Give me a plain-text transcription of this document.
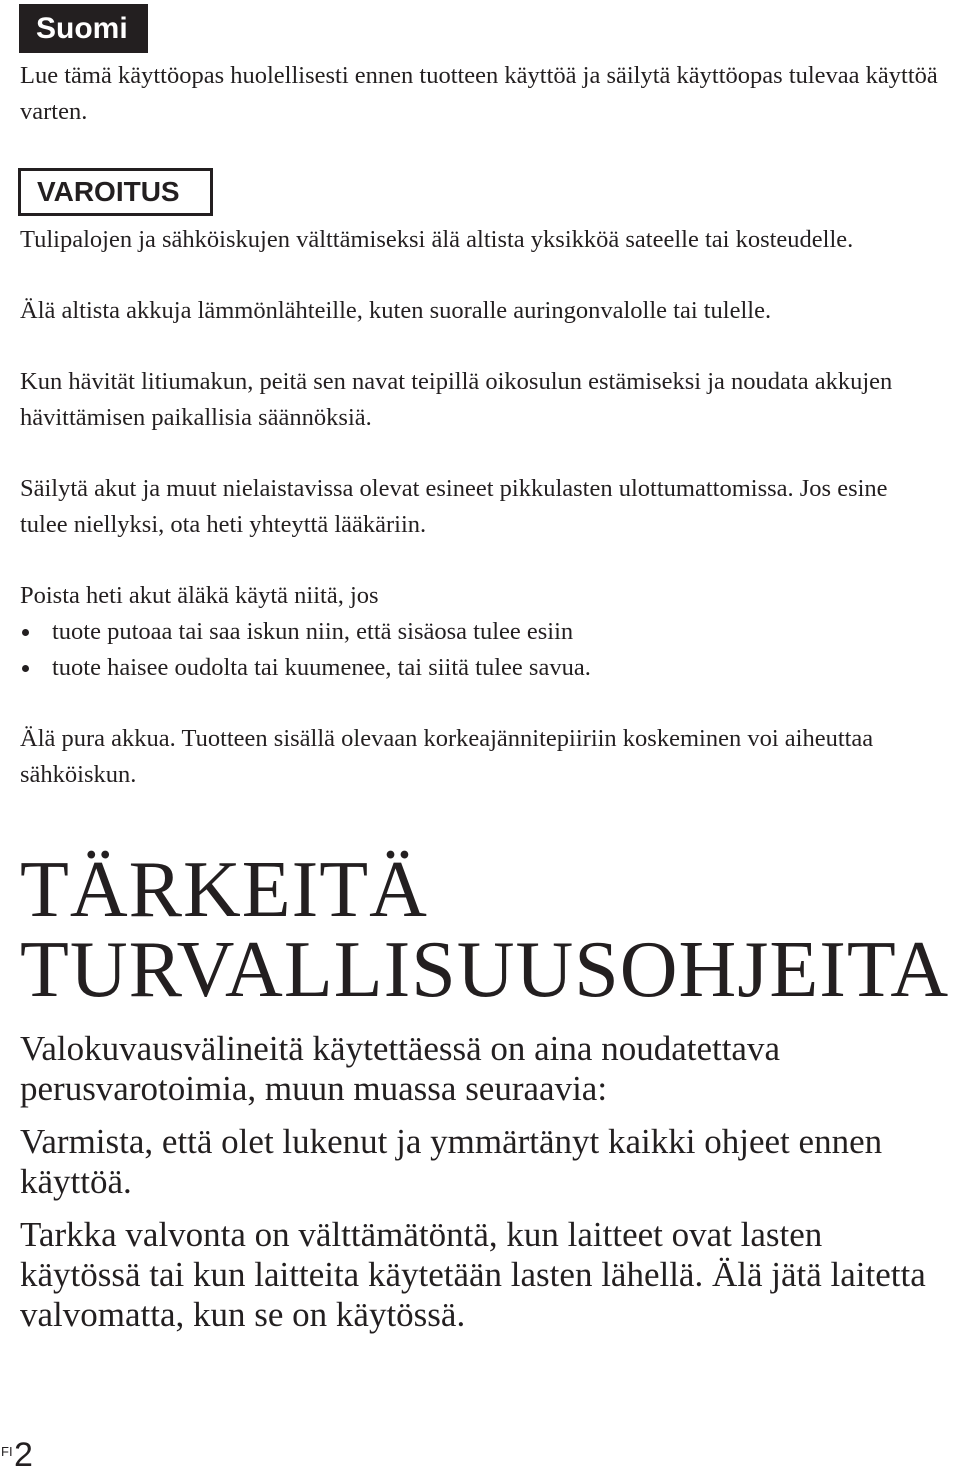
Suomi

Lue tämä käyttöopas huolellisesti ennen tuotteen käyttöä ja säilytä käyttöopas tulevaa käyttöä varten.

VAROITUS

Tulipalojen ja sähköiskujen välttämiseksi älä altista yksikköä sateelle tai kosteudelle.

Älä altista akkuja lämmönlähteille, kuten suoralle auringonvalolle tai tulelle.

Kun hävität litiumakun, peitä sen navat teipillä oikosulun estämiseksi ja noudata akkujen hävittämisen paikallisia säännöksiä.

Säilytä akut ja muut nielaistavissa olevat esineet pikkulasten ulottumattomissa. Jos esine tulee niellyksi, ota heti yhteyttä lääkäriin.

Poista heti akut äläkä käytä niitä, jos

tuote putoaa tai saa iskun niin, että sisäosa tulee esiin
tuote haisee oudolta tai kuumenee, tai siitä tulee savua.

Älä pura akkua. Tuotteen sisällä olevaan korkeajännitepiiriin koskeminen voi aiheuttaa sähköiskun.

TÄRKEITÄ
TURVALLISUUSOHJEITA

Valokuvausvälineitä käytettäessä on aina noudatettava perusvarotoimia, muun muassa seuraavia:

Varmista, että olet lukenut ja ymmärtänyt kaikki ohjeet ennen käyttöä.

Tarkka valvonta on välttämätöntä, kun laitteet ovat lasten käytössä tai kun laitteita käytetään lasten lähellä. Älä jätä laitetta valvomatta, kun se on käytössä.

FI 2
